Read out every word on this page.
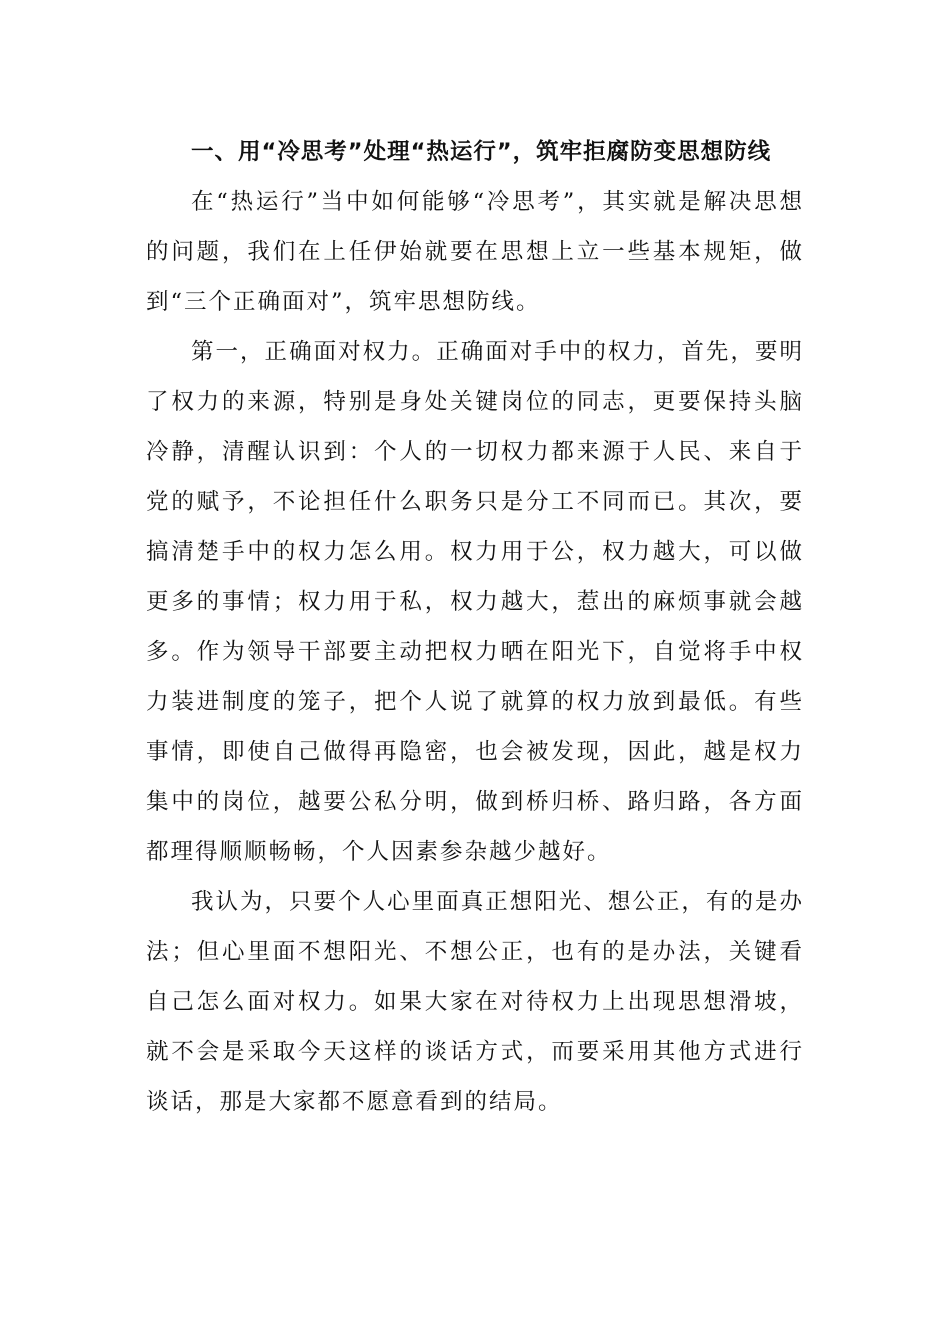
一、用“冷思考”处理“热运行”，筑牢拒腐防变思想防线

在“热运行”当中如何能够“冷思考”，其实就是解决思想的问题，我们在上任伊始就要在思想上立一些基本规矩，做到“三个正确面对”，筑牢思想防线。

第一，正确面对权力。正确面对手中的权力，首先，要明了权力的来源，特别是身处关键岗位的同志，更要保持头脑冷静，清醒认识到：个人的一切权力都来源于人民、来自于党的赋予，不论担任什么职务只是分工不同而已。其次，要搞清楚手中的权力怎么用。权力用于公，权力越大，可以做更多的事情；权力用于私，权力越大，惹出的麻烦事就会越多。作为领导干部要主动把权力晒在阳光下，自觉将手中权力装进制度的笼子，把个人说了就算的权力放到最低。有些事情，即使自己做得再隐密，也会被发现，因此，越是权力集中的岗位，越要公私分明，做到桥归桥、路归路，各方面都理得顺顺畅畅，个人因素参杂越少越好。

我认为，只要个人心里面真正想阳光、想公正，有的是办法；但心里面不想阳光、不想公正，也有的是办法，关键看自己怎么面对权力。如果大家在对待权力上出现思想滑坡，就不会是采取今天这样的谈话方式，而要采用其他方式进行谈话，那是大家都不愿意看到的结局。
